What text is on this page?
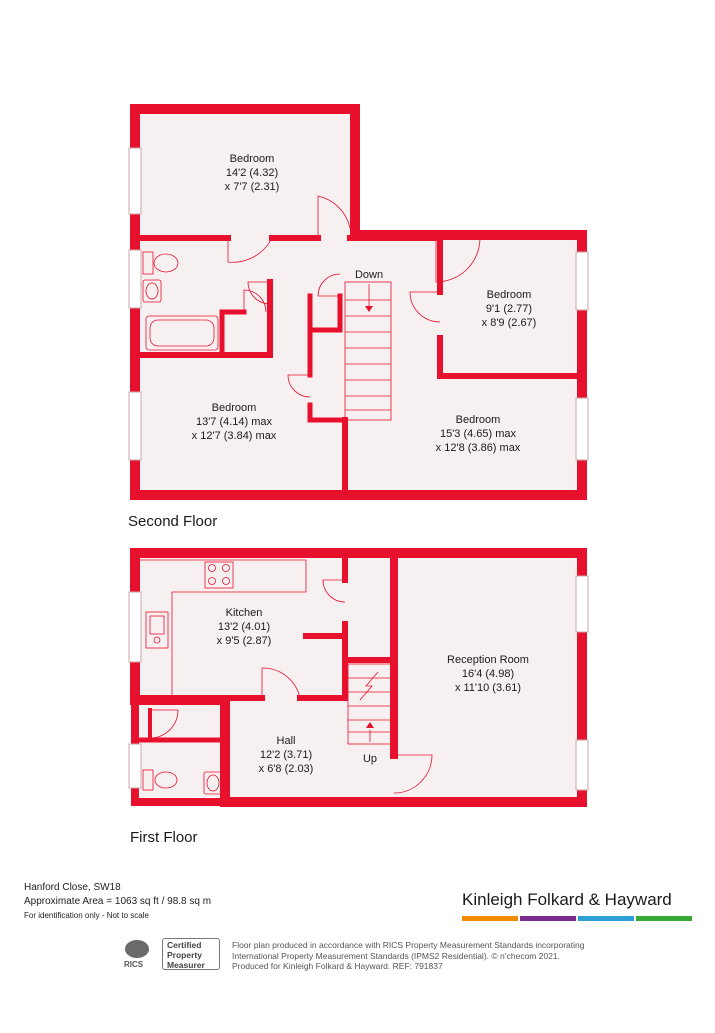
Bedroom
14'2 (4.32)
x 7'7 (2.31)
Bedroom
9'1 (2.77)
x 8'9 (2.67)
Bedroom
13'7 (4.14) max
x 12'7 (3.84) max
Bedroom
15'3 (4.65) max
x 12'8 (3.86) max
Down
Second Floor
Kitchen
13'2 (4.01)
x 9'5 (2.87)
Reception Room
16'4 (4.98)
x 11'10 (3.61)
Hall
12'2 (3.71)
x 6'8 (2.03)
Up
First Floor
Hanford Close, SW18
Approximate Area = 1063 sq ft / 98.8 sq m
For identification only - Not to scale
Kinleigh Folkard & Hayward
RICS
Certified
Property
Measurer
Floor plan produced in accordance with RICS Property Measurement Standards incorporating
International Property Measurement Standards (IPMS2 Residential). © n’checom 2021.
Produced for Kinleigh Folkard & Hayward. REF: 791837
